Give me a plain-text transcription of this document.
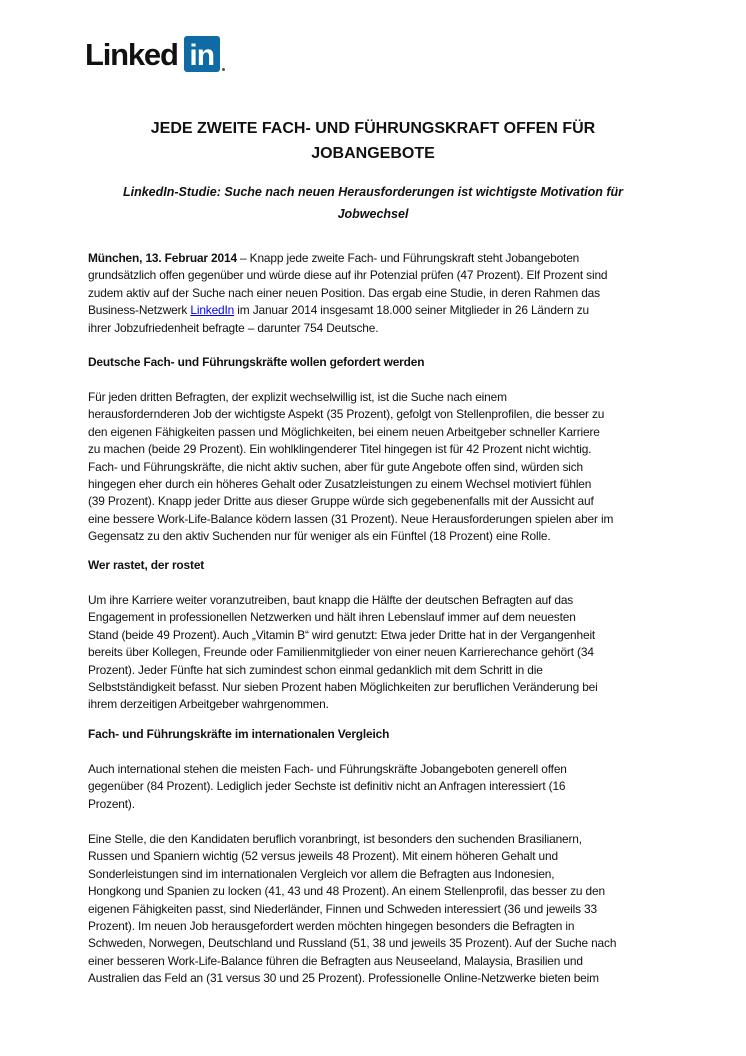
Linked in
JEDE ZWEITE FACH- UND FÜHRUNGSKRAFT OFFEN FÜR
JOBANGEBOTE
LinkedIn-Studie: Suche nach neuen Herausforderungen ist wichtigste Motivation für
Jobwechsel
München, 13. Februar 2014 – Knapp jede zweite Fach- und Führungskraft steht Jobangeboten
grundsätzlich offen gegenüber und würde diese auf ihr Potenzial prüfen (47 Prozent). Elf Prozent sind
zudem aktiv auf der Suche nach einer neuen Position. Das ergab eine Studie, in deren Rahmen das
Business-Netzwerk LinkedIn im Januar 2014 insgesamt 18.000 seiner Mitglieder in 26 Ländern zu
ihrer Jobzufriedenheit befragte – darunter 754 Deutsche.
Deutsche Fach- und Führungskräfte wollen gefordert werden
Für jeden dritten Befragten, der explizit wechselwillig ist, ist die Suche nach einem
herausfordernderen Job der wichtigste Aspekt (35 Prozent), gefolgt von Stellenprofilen, die besser zu
den eigenen Fähigkeiten passen und Möglichkeiten, bei einem neuen Arbeitgeber schneller Karriere
zu machen (beide 29 Prozent). Ein wohlklingenderer Titel hingegen ist für 42 Prozent nicht wichtig.
Fach- und Führungskräfte, die nicht aktiv suchen, aber für gute Angebote offen sind, würden sich
hingegen eher durch ein höheres Gehalt oder Zusatzleistungen zu einem Wechsel motiviert fühlen
(39 Prozent). Knapp jeder Dritte aus dieser Gruppe würde sich gegebenenfalls mit der Aussicht auf
eine bessere Work-Life-Balance ködern lassen (31 Prozent). Neue Herausforderungen spielen aber im
Gegensatz zu den aktiv Suchenden nur für weniger als ein Fünftel (18 Prozent) eine Rolle.
Wer rastet, der rostet
Um ihre Karriere weiter voranzutreiben, baut knapp die Hälfte der deutschen Befragten auf das
Engagement in professionellen Netzwerken und hält ihren Lebenslauf immer auf dem neuesten
Stand (beide 49 Prozent). Auch „Vitamin B“ wird genutzt: Etwa jeder Dritte hat in der Vergangenheit
bereits über Kollegen, Freunde oder Familienmitglieder von einer neuen Karrierechance gehört (34
Prozent). Jeder Fünfte hat sich zumindest schon einmal gedanklich mit dem Schritt in die
Selbstständigkeit befasst. Nur sieben Prozent haben Möglichkeiten zur beruflichen Veränderung bei
ihrem derzeitigen Arbeitgeber wahrgenommen.
Fach- und Führungskräfte im internationalen Vergleich
Auch international stehen die meisten Fach- und Führungskräfte Jobangeboten generell offen
gegenüber (84 Prozent). Lediglich jeder Sechste ist definitiv nicht an Anfragen interessiert (16
Prozent).
Eine Stelle, die den Kandidaten beruflich voranbringt, ist besonders den suchenden Brasilianern,
Russen und Spaniern wichtig (52 versus jeweils 48 Prozent). Mit einem höheren Gehalt und
Sonderleistungen sind im internationalen Vergleich vor allem die Befragten aus Indonesien,
Hongkong und Spanien zu locken (41, 43 und 48 Prozent). An einem Stellenprofil, das besser zu den
eigenen Fähigkeiten passt, sind Niederländer, Finnen und Schweden interessiert (36 und jeweils 33
Prozent). Im neuen Job herausgefordert werden möchten hingegen besonders die Befragten in
Schweden, Norwegen, Deutschland und Russland (51, 38 und jeweils 35 Prozent). Auf der Suche nach
einer besseren Work-Life-Balance führen die Befragten aus Neuseeland, Malaysia, Brasilien und
Australien das Feld an (31 versus 30 und 25 Prozent). Professionelle Online-Netzwerke bieten beim
